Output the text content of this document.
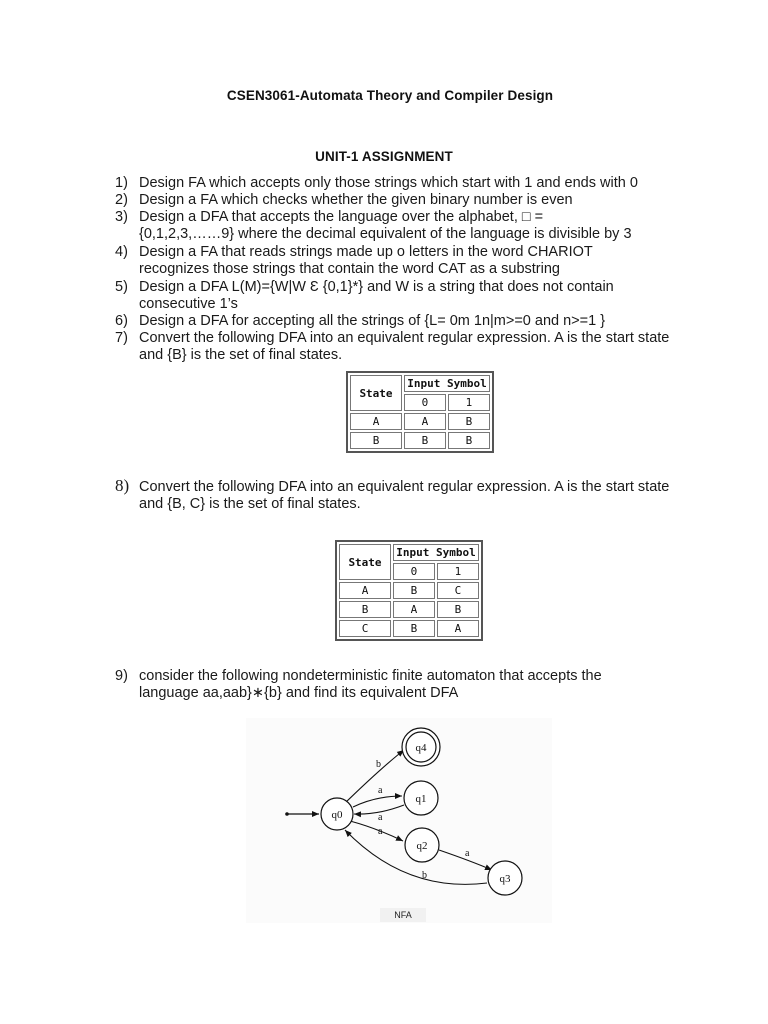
CSEN3061-Automata Theory and Compiler Design
UNIT-1 ASSIGNMENT
1) Design FA which accepts only those strings which start with 1 and ends with 0
2) Design a FA which checks whether the given binary number is even
3) Design a DFA that accepts the language over the alphabet, □ =
{0,1,2,3,……9} where the decimal equivalent of the language is divisible by 3
4) Design a FA that reads strings made up o letters in the word CHARIOT
recognizes those strings that contain the word CAT as a substring
5) Design a DFA L(M)={W|W Ɛ {0,1}*} and W is a string that does not contain
consecutive 1’s
6) Design a DFA for accepting all the strings of {L= 0m 1n|m>=0 and n>=1 }
7) Convert the following DFA into an equivalent regular expression. A is the start state
and {B} is the set of final states.
State	Input Symbol	
	0	1
A	A	B
B	B	B
8) Convert the following DFA into an equivalent regular expression. A is the start state
and {B, C} is the set of final states.
State	Input Symbol	
	0	1
A	B	C
B	A	B
C	B	A
9) consider the following nondeterministic finite automaton that accepts the
language aa,aab}∗{b} and find its equivalent DFA
b
a
a
a
a
b
q0
q4
q1
q2
q3
NFA
